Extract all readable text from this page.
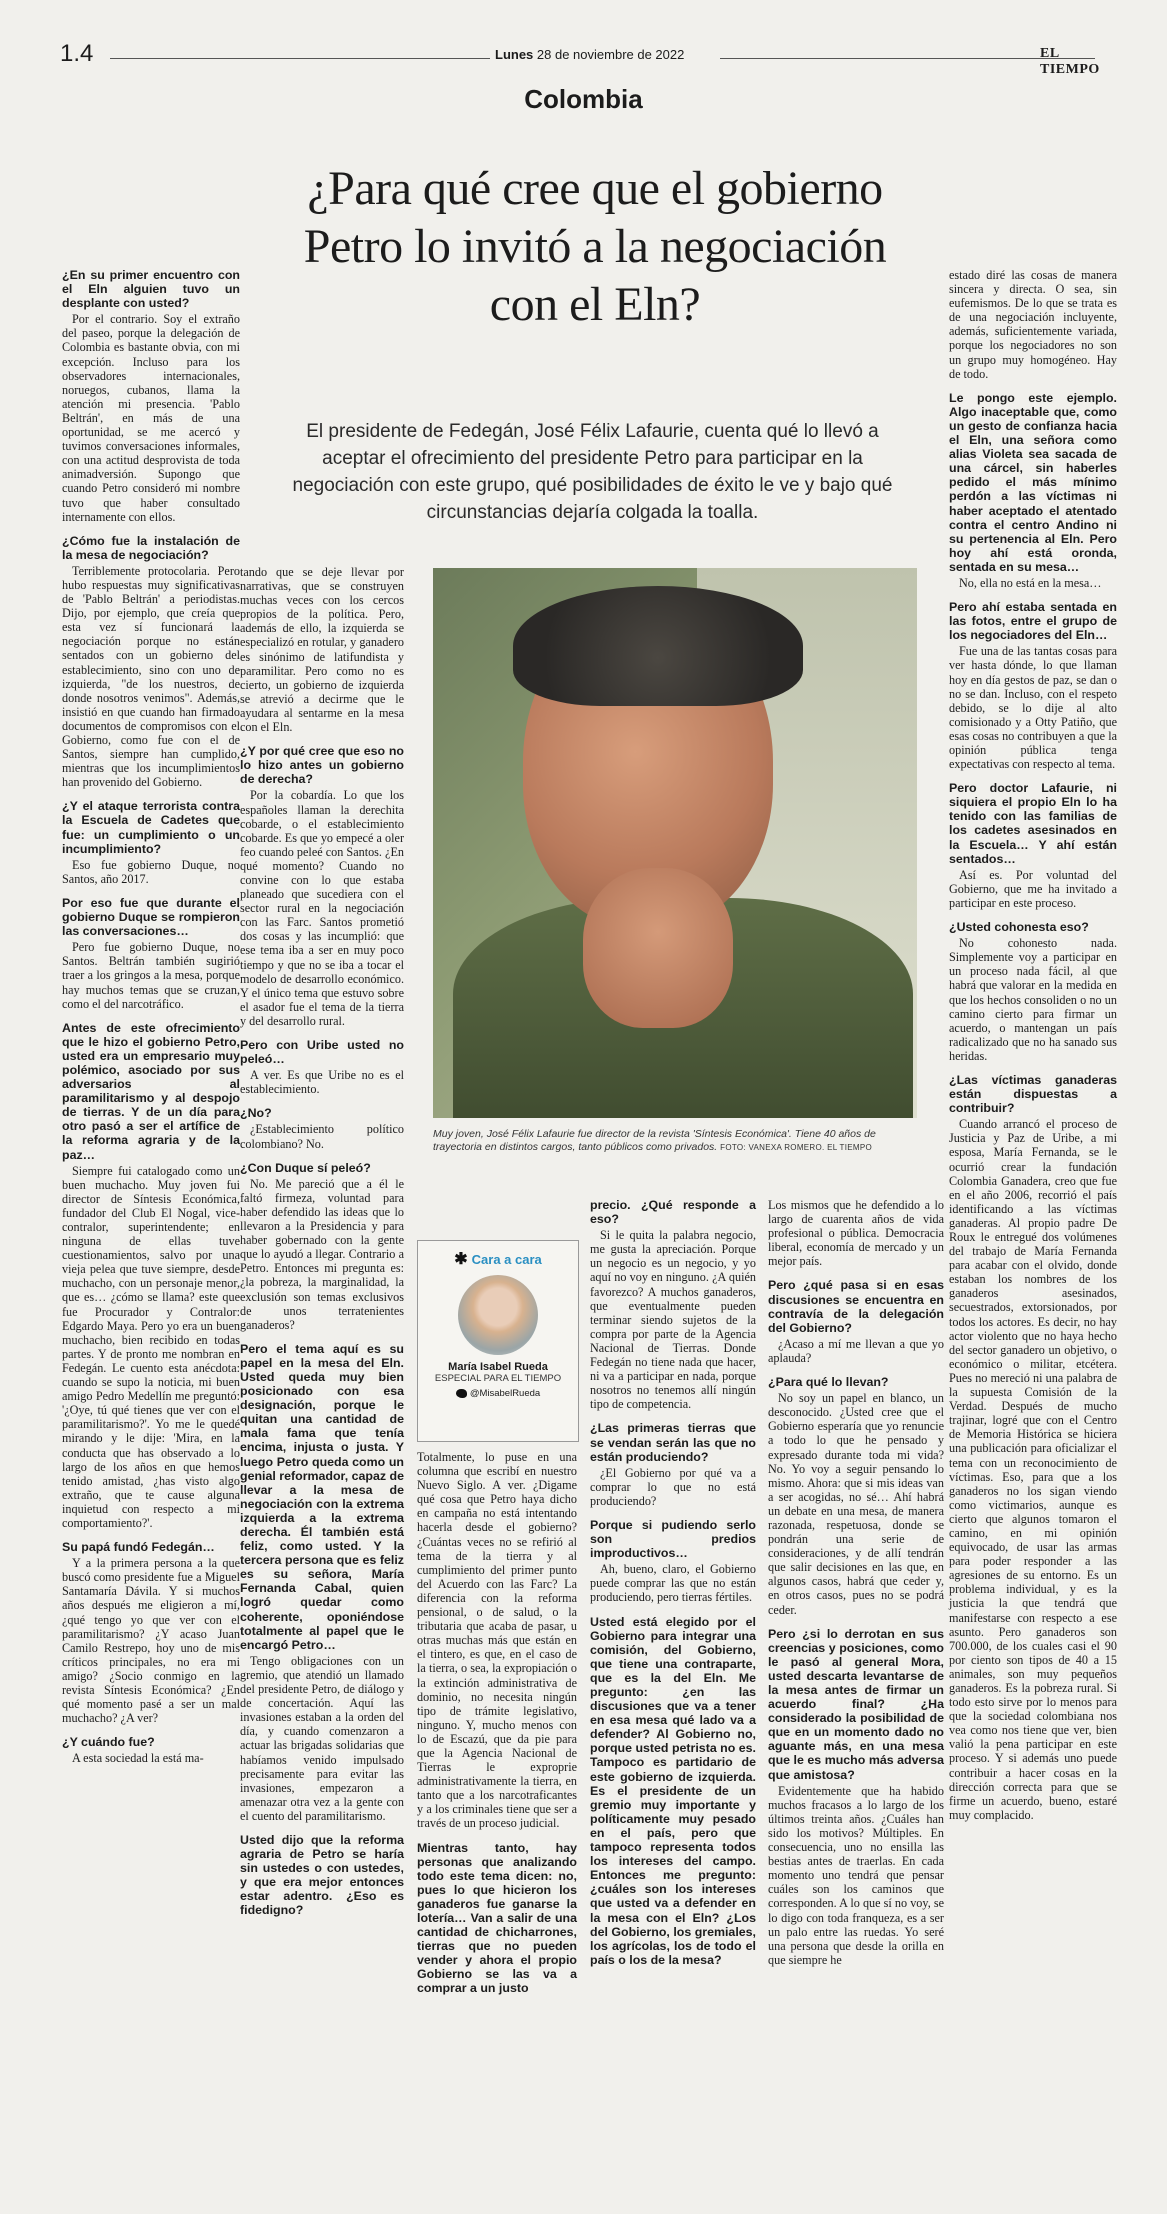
1.4	Lunes 28 de noviembre de 2022	EL TIEMPO
Colombia
¿Para qué cree que el gobierno Petro lo invitó a la negociación con el Eln?

El presidente de Fedegán, José Félix Lafaurie, cuenta qué lo llevó a aceptar el ofrecimiento del presidente Petro para participar en la negociación con este grupo, qué posibilidades de éxito le ve y bajo qué circunstancias dejaría colgada la toalla.

¿En su primer encuentro con el Eln alguien tuvo un desplante con usted?

Por el contrario. Soy el extraño del paseo, porque la delegación de Colombia es bastante obvia, con mi excepción. Incluso para los observadores internacionales, noruegos, cubanos, llama la atención mi presencia. 'Pablo Beltrán', en más de una oportunidad, se me acercó y tuvimos conversaciones informales, con una actitud desprovista de toda animadversión. Supongo que cuando Petro consideró mi nombre tuvo que haber consultado internamente con ellos.

¿Cómo fue la instalación de la mesa de negociación?

Terriblemente protocolaria. Pero hubo respuestas muy significativas de 'Pablo Beltrán' a periodistas. Dijo, por ejemplo, que creía que esta vez sí funcionará la negociación porque no están sentados con un gobierno del establecimiento, sino con uno de izquierda, "de los nuestros, de donde nosotros venimos". Además, insistió en que cuando han firmado documentos de compromisos con el Gobierno, como fue con el de Santos, siempre han cumplido, mientras que los incumplimientos han provenido del Gobierno.

¿Y el ataque terrorista contra la Escuela de Cadetes que fue: un cumplimiento o un incumplimiento?

Eso fue gobierno Duque, no Santos, año 2017.

Por eso fue que durante el gobierno Duque se rompieron las conversaciones…

Pero fue gobierno Duque, no Santos. Beltrán también sugirió traer a los gringos a la mesa, porque hay muchos temas que se cruzan, como el del narcotráfico.

Antes de este ofrecimiento que le hizo el gobierno Petro, usted era un empresario muy polémico, asociado por sus adversarios al paramilitarismo y al despojo de tierras. Y de un día para otro pasó a ser el artífice de la reforma agraria y de la paz…

Siempre fui catalogado como un buen muchacho. Muy joven fui director de Síntesis Económica, fundador del Club El Nogal, vice-contralor, superintendente; en ninguna de ellas tuve cuestionamientos, salvo por una vieja pelea que tuve siempre, desde muchacho, con un personaje menor, que es… ¿cómo se llama? este que fue Procurador y Contralor: Edgardo Maya. Pero yo era un buen muchacho, bien recibido en todas partes. Y de pronto me nombran en Fedegán. Le cuento esta anécdota: cuando se supo la noticia, mi buen amigo Pedro Medellín me preguntó: '¿Oye, tú qué tienes que ver con el paramilitarismo?'. Yo me le quedé mirando y le dije: 'Mira, en la conducta que has observado a lo largo de los años en que hemos tenido amistad, ¿has visto algo extraño, que te cause alguna inquietud con respecto a mi comportamiento?'.

Su papá fundó Fedegán…

Y a la primera persona a la que buscó como presidente fue a Miguel Santamaría Dávila. Y si muchos años después me eligieron a mí, ¿qué tengo yo que ver con el paramilitarismo? ¿Y acaso Juan Camilo Restrepo, hoy uno de mis críticos principales, no era mi amigo? ¿Socio conmigo en la revista Síntesis Económica? ¿En qué momento pasé a ser un mal muchacho? ¿A ver?

¿Y cuándo fue?

A esta sociedad la está ma-

tando que se deje llevar por narrativas, que se construyen muchas veces con los cercos propios de la política. Pero, además de ello, la izquierda se especializó en rotular, y ganadero es sinónimo de latifundista y paramilitar. Pero como no es cierto, un gobierno de izquierda se atrevió a decirme que le ayudara al sentarme en la mesa con el Eln.

¿Y por qué cree que eso no lo hizo antes un gobierno de derecha?

Por la cobardía. Lo que los españoles llaman la derechita cobarde, o el establecimiento cobarde. Es que yo empecé a oler feo cuando peleé con Santos. ¿En qué momento? Cuando no convine con lo que estaba planeado que sucediera con el sector rural en la negociación con las Farc. Santos prometió dos cosas y las incumplió: que ese tema iba a ser en muy poco tiempo y que no se iba a tocar el modelo de desarrollo económico. Y el único tema que estuvo sobre el asador fue el tema de la tierra y del desarrollo rural.

Pero con Uribe usted no peleó…

A ver. Es que Uribe no es el establecimiento.

¿No?

¿Establecimiento político colombiano? No.

¿Con Duque sí peleó?

No. Me pareció que a él le faltó firmeza, voluntad para haber defendido las ideas que lo llevaron a la Presidencia y para haber gobernado con la gente que lo ayudó a llegar. Contrario a Petro. Entonces mi pregunta es: ¿la pobreza, la marginalidad, la exclusión son temas exclusivos de unos terratenientes ganaderos?

Pero el tema aquí es su papel en la mesa del Eln. Usted queda muy bien posicionado con esa designación, porque le quitan una cantidad de mala fama que tenía encima, injusta o justa. Y luego Petro queda como un genial reformador, capaz de llevar a la mesa de negociación con la extrema izquierda a la extrema derecha. Él también está feliz, como usted. Y la tercera persona que es feliz es su señora, María Fernanda Cabal, quien logró quedar como coherente, oponiéndose totalmente al papel que le encargó Petro…

Tengo obligaciones con un gremio, que atendió un llamado del presidente Petro, de diálogo y de concertación. Aquí las invasiones estaban a la orden del día, y cuando comenzaron a actuar las brigadas solidarias que habíamos venido impulsado precisamente para evitar las invasiones, empezaron a amenazar otra vez a la gente con el cuento del paramilitarismo.

Usted dijo que la reforma agraria de Petro se haría sin ustedes o con ustedes, y que era mejor entonces estar adentro. ¿Eso es fidedigno?

Muy joven, José Félix Lafaurie fue director de la revista 'Síntesis Económica'. Tiene 40 años de trayectoria en distintos cargos, tanto públicos como privados. FOTO: VANEXA ROMERO. EL TIEMPO
✱ Cara a cara
María Isabel Rueda
ESPECIAL PARA EL TIEMPO
@MisabelRueda

Totalmente, lo puse en una columna que escribí en nuestro Nuevo Siglo. A ver. ¿Digame qué cosa que Petro haya dicho en campaña no está intentando hacerla desde el gobierno? ¿Cuántas veces no se refirió al tema de la tierra y al cumplimiento del primer punto del Acuerdo con las Farc? La diferencia con la reforma pensional, o de salud, o la tributaria que acaba de pasar, u otras muchas más que están en el tintero, es que, en el caso de la tierra, o sea, la expropiación o la extinción administrativa de dominio, no necesita ningún tipo de trámite legislativo, ninguno. Y, mucho menos con lo de Escazú, que da pie para que la Agencia Nacional de Tierras le exproprie administrativamente la tierra, en tanto que a los narcotraficantes y a los criminales tiene que ser a través de un proceso judicial.

Mientras tanto, hay personas que analizando todo este tema dicen: no, pues lo que hicieron los ganaderos fue ganarse la lotería… Van a salir de una cantidad de chicharrones, tierras que no pueden vender y ahora el propio Gobierno se las va a comprar a un justo

precio. ¿Qué responde a eso?

Si le quita la palabra negocio, me gusta la apreciación. Porque un negocio es un negocio, y yo aquí no voy en ninguno. ¿A quién favorezco? A muchos ganaderos, que eventualmente pueden terminar siendo sujetos de la compra por parte de la Agencia Nacional de Tierras. Donde Fedegán no tiene nada que hacer, ni va a participar en nada, porque nosotros no tenemos allí ningún tipo de competencia.

¿Las primeras tierras que se vendan serán las que no están produciendo?

¿El Gobierno por qué va a comprar lo que no está produciendo?

Porque si pudiendo serlo son predios improductivos…

Ah, bueno, claro, el Gobierno puede comprar las que no están produciendo, pero tierras fértiles.

Usted está elegido por el Gobierno para integrar una comisión, del Gobierno, que tiene una contraparte, que es la del Eln. Me pregunto: ¿en las discusiones que va a tener en esa mesa qué lado va a defender? Al Gobierno no, porque usted petrista no es. Tampoco es partidario de este gobierno de izquierda. Es el presidente de un gremio muy importante y políticamente muy pesado en el país, pero que tampoco representa todos los intereses del campo. Entonces me pregunto: ¿cuáles son los intereses que usted va a defender en la mesa con el Eln? ¿Los del Gobierno, los gremiales, los agrícolas, los de todo el país o los de la mesa?

Los mismos que he defendido a lo largo de cuarenta años de vida profesional o pública. Democracia liberal, economía de mercado y un mejor país.

Pero ¿qué pasa si en esas discusiones se encuentra en contravía de la delegación del Gobierno?

¿Acaso a mí me llevan a que yo aplauda?

¿Para qué lo llevan?

No soy un papel en blanco, un desconocido. ¿Usted cree que el Gobierno esperaría que yo renuncie a todo lo que he pensado y expresado durante toda mi vida? No. Yo voy a seguir pensando lo mismo. Ahora: que si mis ideas van a ser acogidas, no sé… Ahí habrá un debate en una mesa, de manera razonada, respetuosa, donde se pondrán una serie de consideraciones, y de allí tendrán que salir decisiones en las que, en algunos casos, habrá que ceder y, en otros casos, pues no se podrá ceder.

Pero ¿si lo derrotan en sus creencias y posiciones, como le pasó al general Mora, usted descarta levantarse de la mesa antes de firmar un acuerdo final? ¿Ha considerado la posibilidad de que en un momento dado no aguante más, en una mesa que le es mucho más adversa que amistosa?

Evidentemente que ha habido muchos fracasos a lo largo de los últimos treinta años. ¿Cuáles han sido los motivos? Múltiples. En consecuencia, uno no ensilla las bestias antes de traerlas. En cada momento uno tendrá que pensar cuáles son los caminos que corresponden. A lo que sí no voy, se lo digo con toda franqueza, es a ser un palo entre las ruedas. Yo seré una persona que desde la orilla en que siempre he

estado diré las cosas de manera sincera y directa. O sea, sin eufemismos. De lo que se trata es de una negociación incluyente, además, suficientemente variada, porque los negociadores no son un grupo muy homogéneo. Hay de todo.

Le pongo este ejemplo. Algo inaceptable que, como un gesto de confianza hacia el Eln, una señora como alias Violeta sea sacada de una cárcel, sin haberles pedido el más mínimo perdón a las víctimas ni haber aceptado el atentado contra el centro Andino ni su pertenencia al Eln. Pero hoy ahí está oronda, sentada en su mesa…

No, ella no está en la mesa…

Pero ahí estaba sentada en las fotos, entre el grupo de los negociadores del Eln…

Fue una de las tantas cosas para ver hasta dónde, lo que llaman hoy en día gestos de paz, se dan o no se dan. Incluso, con el respeto debido, se lo dije al alto comisionado y a Otty Patiño, que esas cosas no contribuyen a que la opinión pública tenga expectativas con respecto al tema.

Pero doctor Lafaurie, ni siquiera el propio Eln lo ha tenido con las familias de los cadetes asesinados en la Escuela… Y ahí están sentados…

Así es. Por voluntad del Gobierno, que me ha invitado a participar en este proceso.

¿Usted cohonesta eso?

No cohonesto nada. Simplemente voy a participar en un proceso nada fácil, al que habrá que valorar en la medida en que los hechos consoliden o no un camino cierto para firmar un acuerdo, o mantengan un país radicalizado que no ha sanado sus heridas.

¿Las víctimas ganaderas están dispuestas a contribuir?

Cuando arrancó el proceso de Justicia y Paz de Uribe, a mi esposa, María Fernanda, se le ocurrió crear la fundación Colombia Ganadera, creo que fue en el año 2006, recorrió el país identificando a las víctimas ganaderas. Al propio padre De Roux le entregué dos volúmenes del trabajo de María Fernanda para acabar con el olvido, donde estaban los nombres de los ganaderos asesinados, secuestrados, extorsionados, por todos los actores. Es decir, no hay actor violento que no haya hecho del sector ganadero un objetivo, o económico o militar, etcétera. Pues no mereció ni una palabra de la supuesta Comisión de la Verdad. Después de mucho trajinar, logré que con el Centro de Memoria Histórica se hiciera una publicación para oficializar el tema con un reconocimiento de víctimas. Eso, para que a los ganaderos no los sigan viendo como victimarios, aunque es cierto que algunos tomaron el camino, en mi opinión equivocado, de usar las armas para poder responder a las agresiones de su entorno. Es un problema individual, y es la justicia la que tendrá que manifestarse con respecto a ese asunto. Pero ganaderos son 700.000, de los cuales casi el 90 por ciento son tipos de 40 a 15 animales, son muy pequeños ganaderos. Es la pobreza rural. Si todo esto sirve por lo menos para que la sociedad colombiana nos vea como nos tiene que ver, bien valió la pena participar en este proceso. Y si además uno puede contribuir a hacer cosas en la dirección correcta para que se firme un acuerdo, bueno, estaré muy complacido.
